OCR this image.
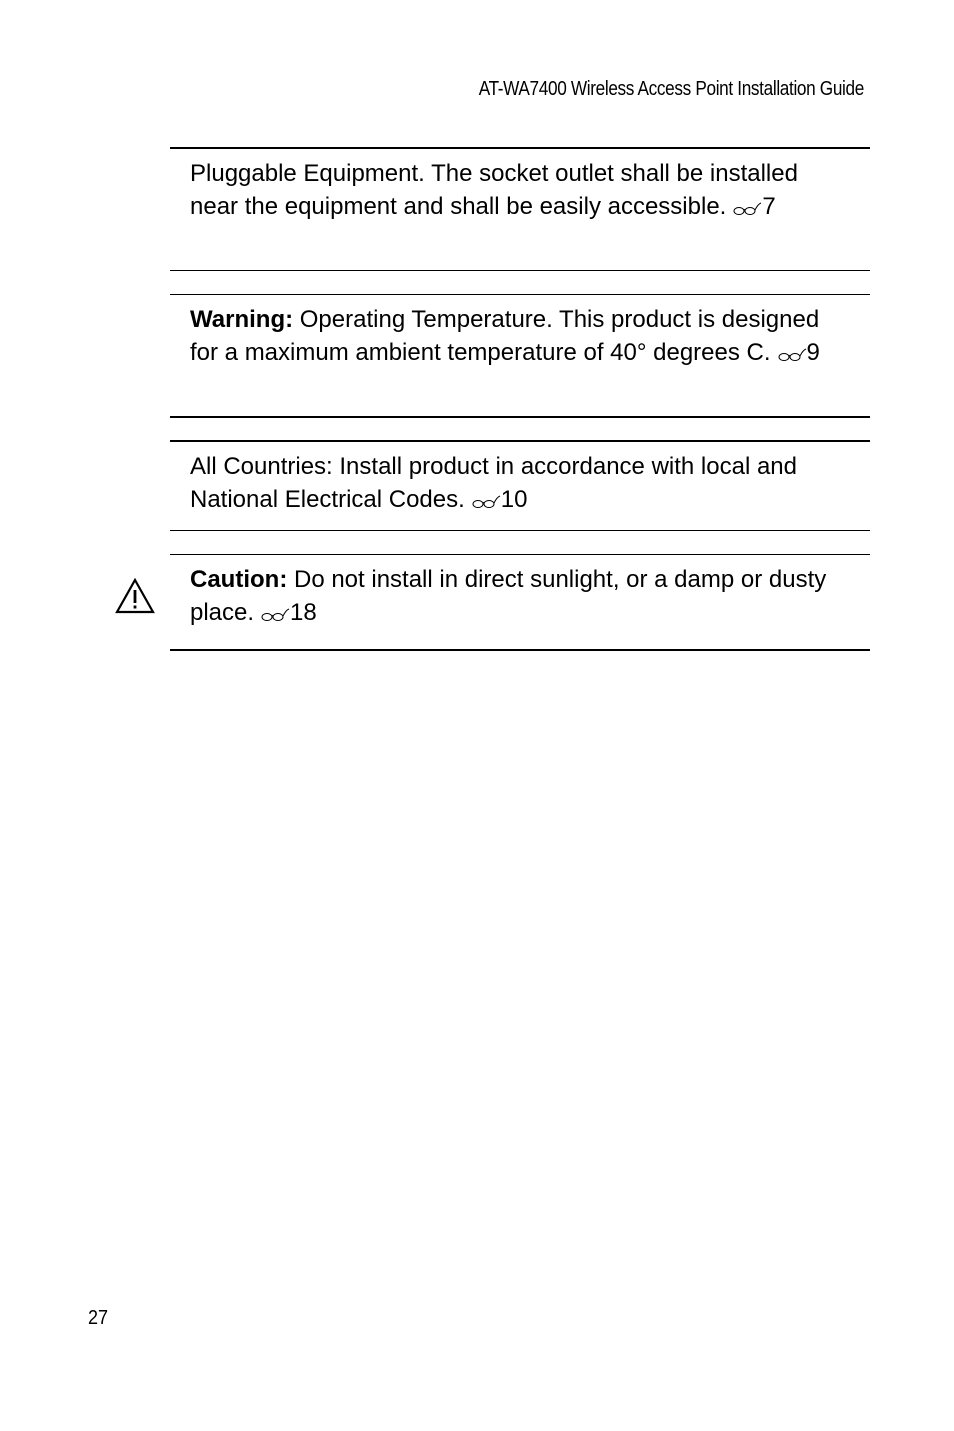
AT-WA7400 Wireless Access Point Installation Guide

Pluggable Equipment. The socket outlet shall be installed near the equipment and shall be easily accessible. 7

Warning: Operating Temperature. This product is designed for a maximum ambient temperature of 40° degrees C. 9

All Countries: Install product in accordance with local and National Electrical Codes. 10

Caution: Do not install in direct sunlight, or a damp or dusty place. 18

27
